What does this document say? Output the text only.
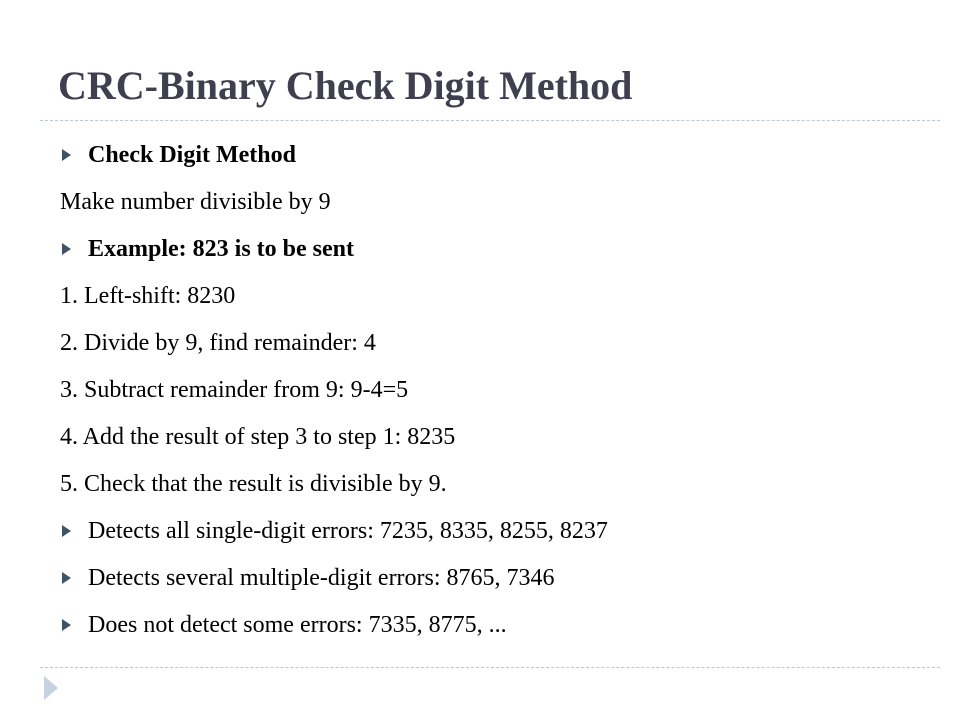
CRC-Binary Check Digit Method
Check Digit Method
Make number divisible by 9
Example: 823 is to be sent
1. Left-shift: 8230
2. Divide by 9, find remainder: 4
3. Subtract remainder from 9: 9-4=5
4. Add the result of step 3 to step 1: 8235
5. Check that the result is divisible by 9.
Detects all single-digit errors: 7235, 8335, 8255, 8237
Detects several multiple-digit errors: 8765, 7346
Does not detect some errors: 7335, 8775, ...
